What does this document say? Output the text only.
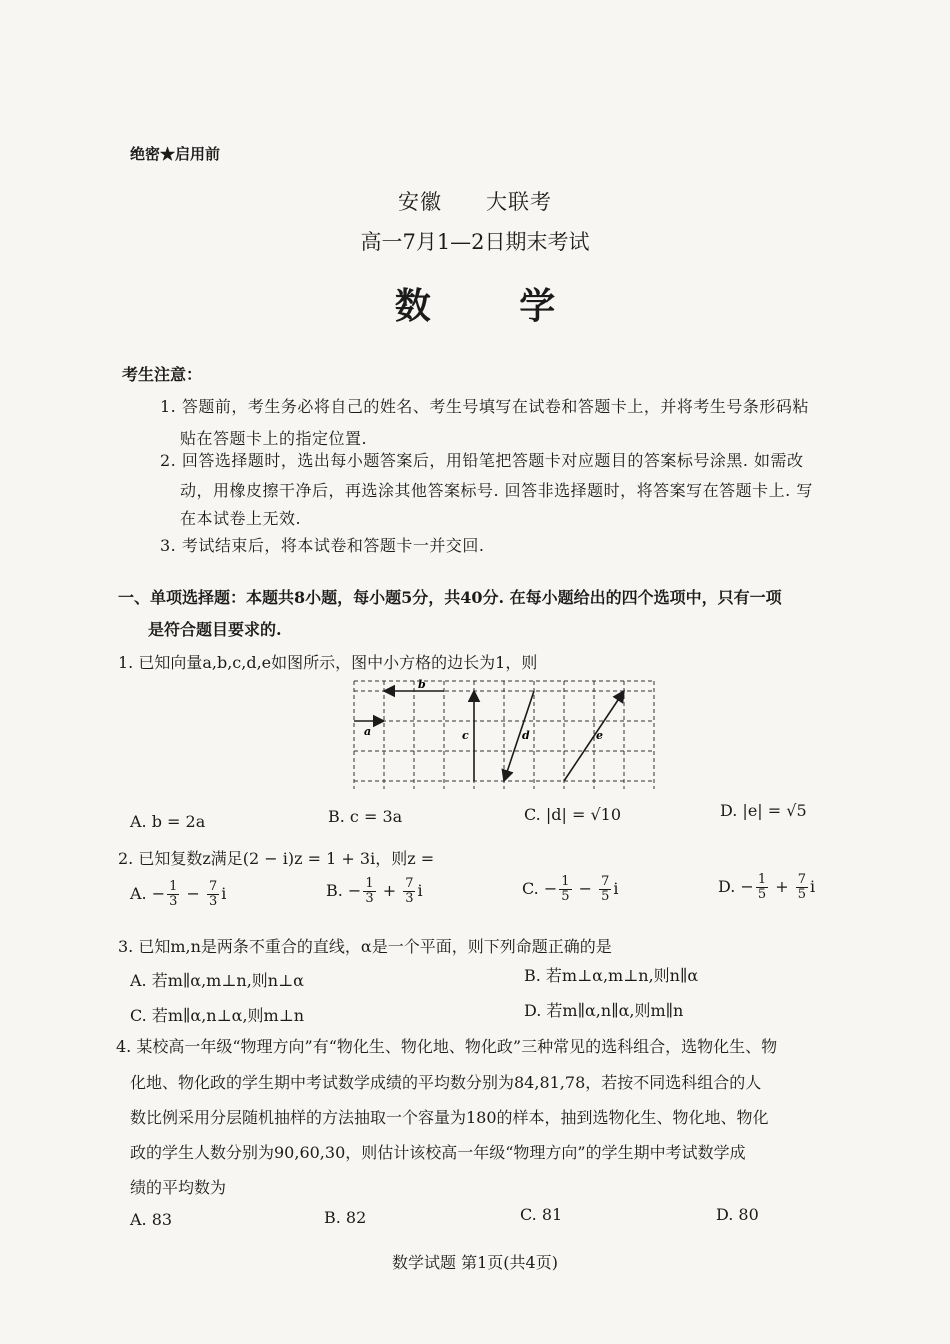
绝密★启用前
安徽 大联考
高一7月1—2日期末考试
数 学
考生注意：
1. 答题前，考生务必将自己的姓名、考生号填写在试卷和答题卡上，并将考生号条形码粘
贴在答题卡上的指定位置.
2. 回答选择题时，选出每小题答案后，用铅笔把答题卡对应题目的答案标号涂黑. 如需改
动，用橡皮擦干净后，再选涂其他答案标号. 回答非选择题时，将答案写在答题卡上. 写
在本试卷上无效.
3. 考试结束后，将本试卷和答题卡一并交回.
一、单项选择题：本题共8小题，每小题5分，共40分. 在每小题给出的四个选项中，只有一项
是符合题目要求的.
1. 已知向量a,b,c,d,e如图所示，图中小方格的边长为1，则
a
b
c	d	e
A. b = 2a	B. c = 3a	C. |d| = √10	D. |e| = √5
2. 已知复数z满足(2 − i)z = 1 + 3i，则z =
A. − $\frac{1}{3} - \frac{7}{3}$ i	B. − $\frac{1}{3} + \frac{7}{3}$ i	C. − $\frac{1}{5} - \frac{7}{5}$ i	D. − $\frac{1}{5} + \frac{7}{5}$ i
3. 已知m,n是两条不重合的直线，α是一个平面，则下列命题正确的是
A. 若m∥α,m⊥n,则n⊥α	B. 若m⊥α,m⊥n,则n∥α
C. 若m∥α,n⊥α,则m⊥n	D. 若m∥α,n∥α,则m∥n
4. 某校高一年级“物理方向”有“物化生、物化地、物化政”三种常见的选科组合，选物化生、物
化地、物化政的学生期中考试数学成绩的平均数分别为84,81,78，若按不同选科组合的人
数比例采用分层随机抽样的方法抽取一个容量为180的样本，抽到选物化生、物化地、物化
政的学生人数分别为90,60,30，则估计该校高一年级“物理方向”的学生期中考试数学成
绩的平均数为
A. 83	B. 82	C. 81	D. 80
数学试题 第1页(共4页)
